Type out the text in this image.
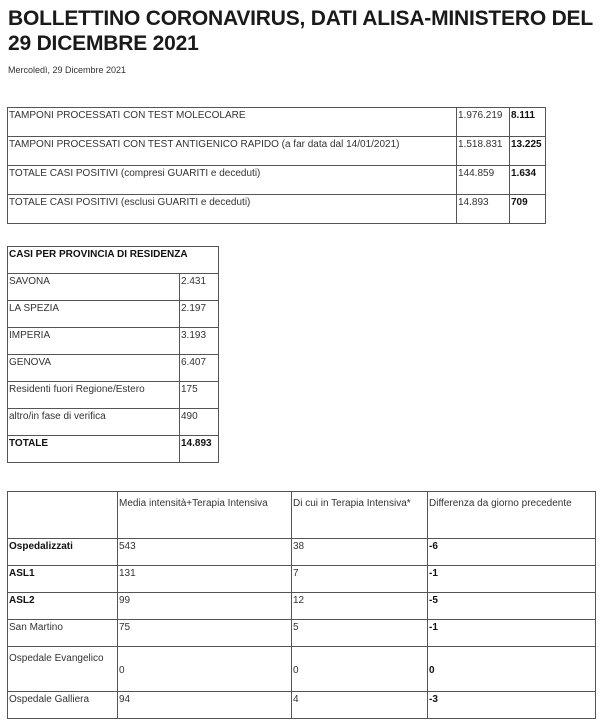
BOLLETTINO CORONAVIRUS, DATI ALISA-MINISTERO DEL 29 DICEMBRE 2021
Mercoledì, 29 Dicembre 2021
TAMPONI PROCESSATI CON TEST MOLECOLARE	1.976.219	8.111
TAMPONI PROCESSATI CON TEST ANTIGENICO RAPIDO (a far data dal 14/01/2021)	1.518.831	13.225
TOTALE CASI POSITIVI (compresi GUARITI e deceduti)	144.859	1.634
TOTALE CASI POSITIVI (esclusi GUARITI e deceduti)	14.893	709
CASI PER PROVINCIA DI RESIDENZA	
SAVONA	2.431
LA SPEZIA	2.197
IMPERIA	3.193
GENOVA	6.407
Residenti fuori Regione/Estero	175
altro/in fase di verifica	490
TOTALE	14.893
	Media intensità+Terapia Intensiva	Di cui in Terapia Intensiva*	Differenza da giorno precedente
Ospedalizzati	543	38	-6
ASL1	131	7	-1
ASL2	99	12	-5
San Martino	75	5	-1
Ospedale Evangelico	0	0	0
Ospedale Galliera	94	4	-3
